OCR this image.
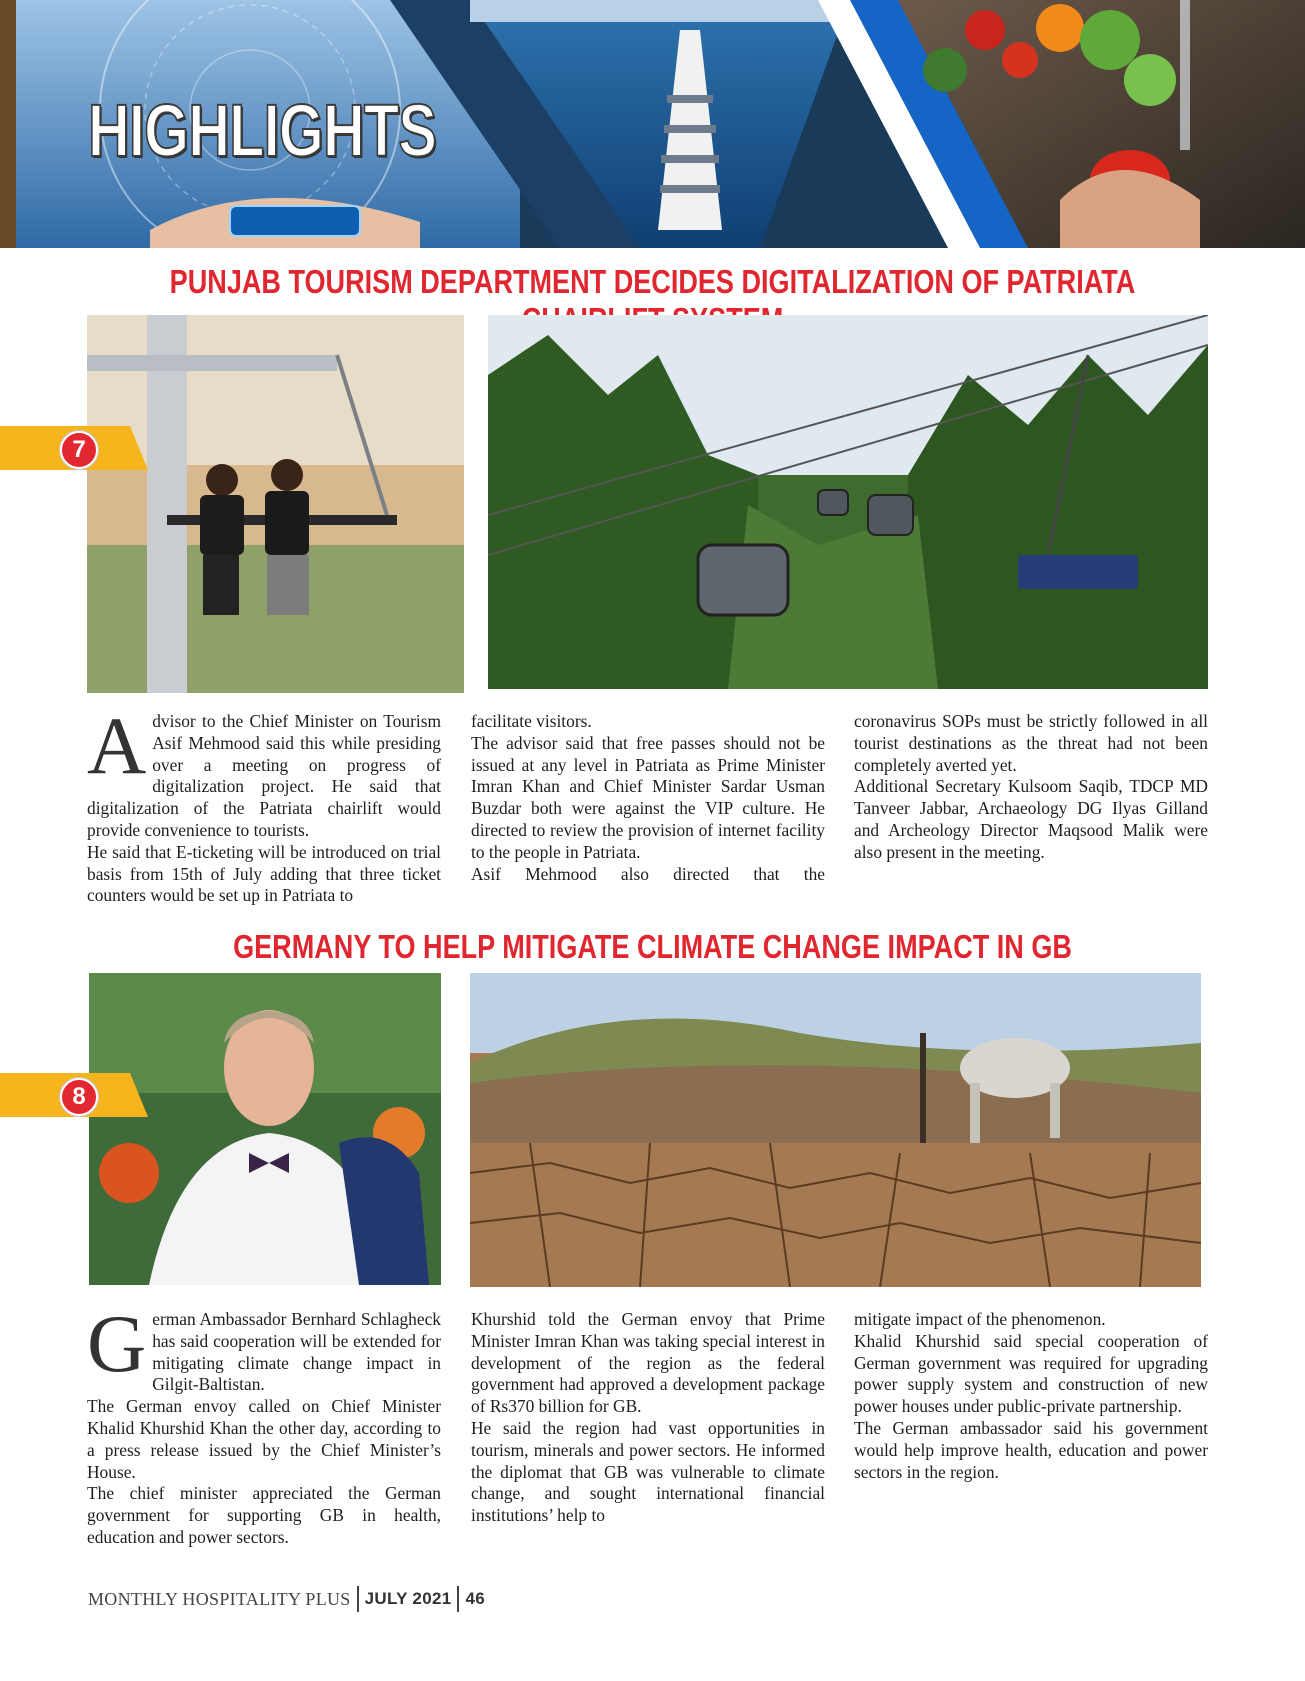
HIGHLIGHTS
PUNJAB TOURISM DEPARTMENT DECIDES DIGITALIZATION OF PATRIATA
7
A dvisor to the Chief Minister on Tourism Asif Mehmood said this while presiding over a meeting on progress of digitalization project. He said that digitalization of the Patriata chairlift would provide convenience to tourists.

He said that E-ticketing will be introduced on trial basis from 15th of July adding that three ticket counters would be set up in Patriata to

facilitate visitors.

The advisor said that free passes should not be issued at any level in Patriata as Prime Minister Imran Khan and Chief Minister Sardar Usman Buzdar both were against the VIP culture. He directed to review the provision of internet facility to the people in Patriata.

Asif Mehmood also directed that the

coronavirus SOPs must be strictly followed in all tourist destinations as the threat had not been completely averted yet.

Additional Secretary Kulsoom Saqib, TDCP MD Tanveer Jabbar, Archaeology DG Ilyas Gilland and Archeology Director Maqsood Malik were also present in the meeting.

GERMANY TO HELP MITIGATE CLIMATE CHANGE IMPACT IN GB
8
G erman Ambassador Bernhard Schlagheck has said cooperation will be extended for mitigating climate change impact in Gilgit-Baltistan.

The German envoy called on Chief Minister Khalid Khurshid Khan the other day, according to a press release issued by the Chief Minister’s House.

The chief minister appreciated the German government for supporting GB in health, education and power sectors.

Khurshid told the German envoy that Prime Minister Imran Khan was taking special interest in development of the region as the federal government had approved a development package of Rs370 billion for GB.

He said the region had vast opportunities in tourism, minerals and power sectors. He informed the diplomat that GB was vulnerable to climate change, and sought international financial institutions’ help to

mitigate impact of the phenomenon.

Khalid Khurshid said special cooperation of German government was required for upgrading power supply system and construction of new power houses under public-private partnership.

The German ambassador said his government would help improve health, education and power sectors in the region.

MONTHLY HOSPITALITY PLUS JULY 2021 46
